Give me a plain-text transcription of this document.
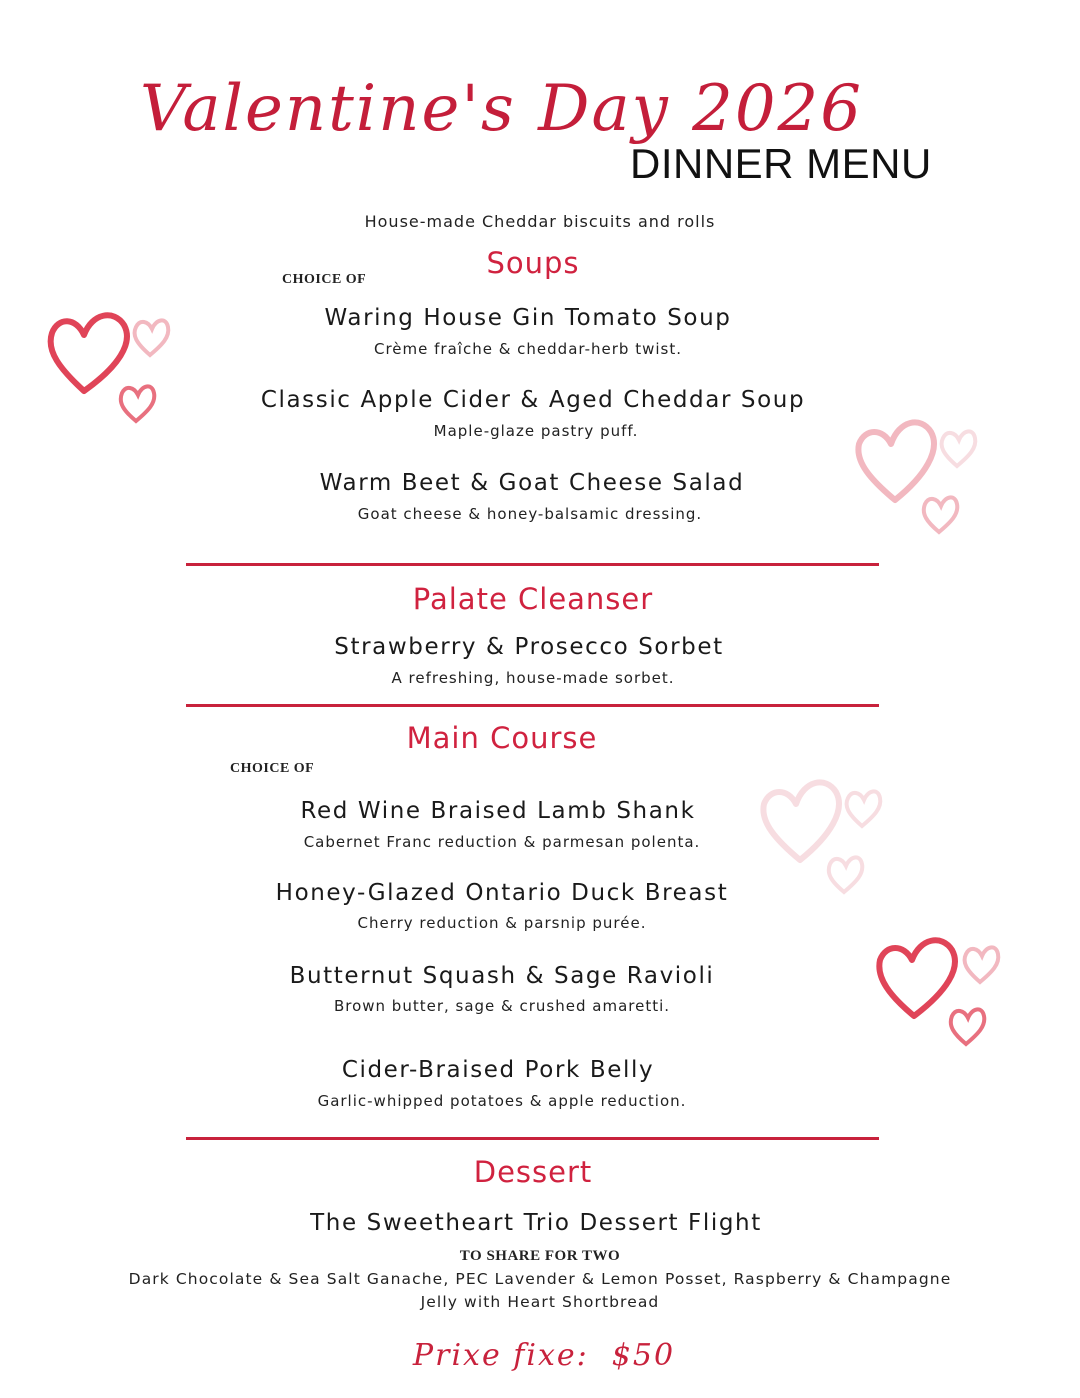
Valentine's Day 2026
DINNER MENU
House-made Cheddar biscuits and rolls
Soups
CHOICE OF
Waring House Gin Tomato Soup
Crème fraîche & cheddar-herb twist.
Classic Apple Cider & Aged Cheddar Soup
Maple-glaze pastry puff.
Warm Beet & Goat Cheese Salad
Goat cheese & honey-balsamic dressing.
Palate Cleanser
Strawberry & Prosecco Sorbet
A refreshing, house-made sorbet.
Main Course
CHOICE OF
Red Wine Braised Lamb Shank
Cabernet Franc reduction & parmesan polenta.
Honey-Glazed Ontario Duck Breast
Cherry reduction & parsnip purée.
Butternut Squash & Sage Ravioli
Brown butter, sage & crushed amaretti.
Cider-Braised Pork Belly
Garlic-whipped potatoes & apple reduction.
Dessert
The Sweetheart Trio Dessert Flight
TO SHARE FOR TWO
Dark Chocolate & Sea Salt Ganache, PEC Lavender & Lemon Posset, Raspberry & Champagne
Jelly with Heart Shortbread
Prixe fixe:  $50
